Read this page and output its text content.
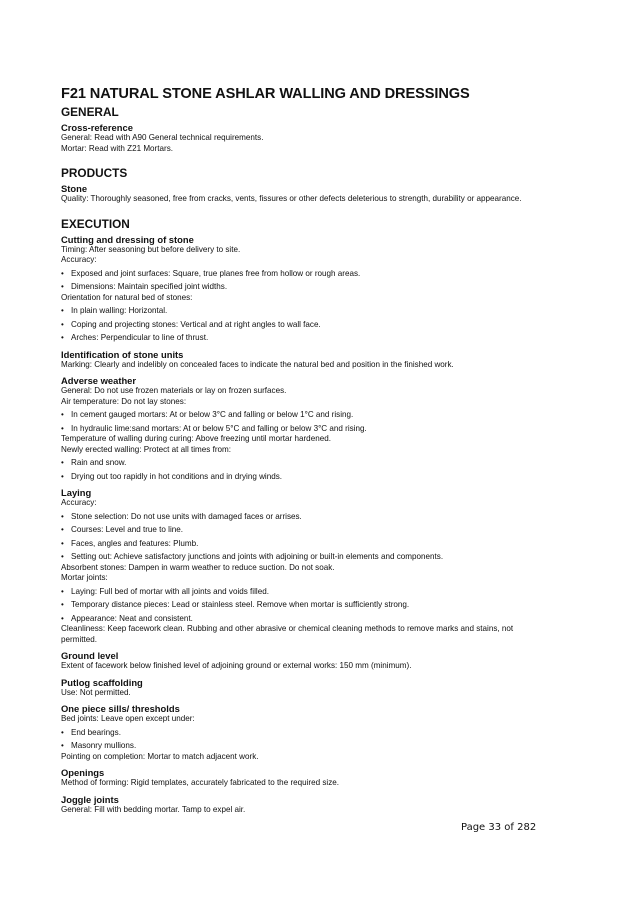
F21 NATURAL STONE ASHLAR WALLING AND DRESSINGS
GENERAL
Cross-reference

General: Read with A90 General technical requirements.

Mortar: Read with Z21 Mortars.

PRODUCTS
Stone

Quality: Thoroughly seasoned, free from cracks, vents, fissures or other defects deleterious to strength, durability or appearance.

EXECUTION
Cutting and dressing of stone

Timing: After seasoning but before delivery to site.

Accuracy:

• Exposed and joint surfaces: Square, true planes free from hollow or rough areas.
• Dimensions: Maintain specified joint widths.

Orientation for natural bed of stones:

• In plain walling: Horizontal.
• Coping and projecting stones: Vertical and at right angles to wall face.
• Arches: Perpendicular to line of thrust.
Identification of stone units

Marking: Clearly and indelibly on concealed faces to indicate the natural bed and position in the finished work.

Adverse weather

General: Do not use frozen materials or lay on frozen surfaces.

Air temperature: Do not lay stones:

• In cement gauged mortars: At or below 3°C and falling or below 1°C and rising.
• In hydraulic lime:sand mortars: At or below 5°C and falling or below 3°C and rising.

Temperature of walling during curing: Above freezing until mortar hardened.

Newly erected walling: Protect at all times from:

• Rain and snow.
• Drying out too rapidly in hot conditions and in drying winds.
Laying

Accuracy:

• Stone selection: Do not use units with damaged faces or arrises.
• Courses: Level and true to line.
• Faces, angles and features: Plumb.
• Setting out: Achieve satisfactory junctions and joints with adjoining or built-in elements and components.

Absorbent stones: Dampen in warm weather to reduce suction. Do not soak.

Mortar joints:

• Laying: Full bed of mortar with all joints and voids filled.
• Temporary distance pieces: Lead or stainless steel. Remove when mortar is sufficiently strong.
• Appearance: Neat and consistent.

Cleanliness: Keep facework clean. Rubbing and other abrasive or chemical cleaning methods to remove marks and stains, not

permitted.

Ground level

Extent of facework below finished level of adjoining ground or external works: 150 mm (minimum).

Putlog scaffolding

Use: Not permitted.

One piece sills/ thresholds

Bed joints: Leave open except under:

• End bearings.
• Masonry mullions.

Pointing on completion: Mortar to match adjacent work.

Openings

Method of forming: Rigid templates, accurately fabricated to the required size.

Joggle joints

General: Fill with bedding mortar. Tamp to expel air.

Page 33 of 282
